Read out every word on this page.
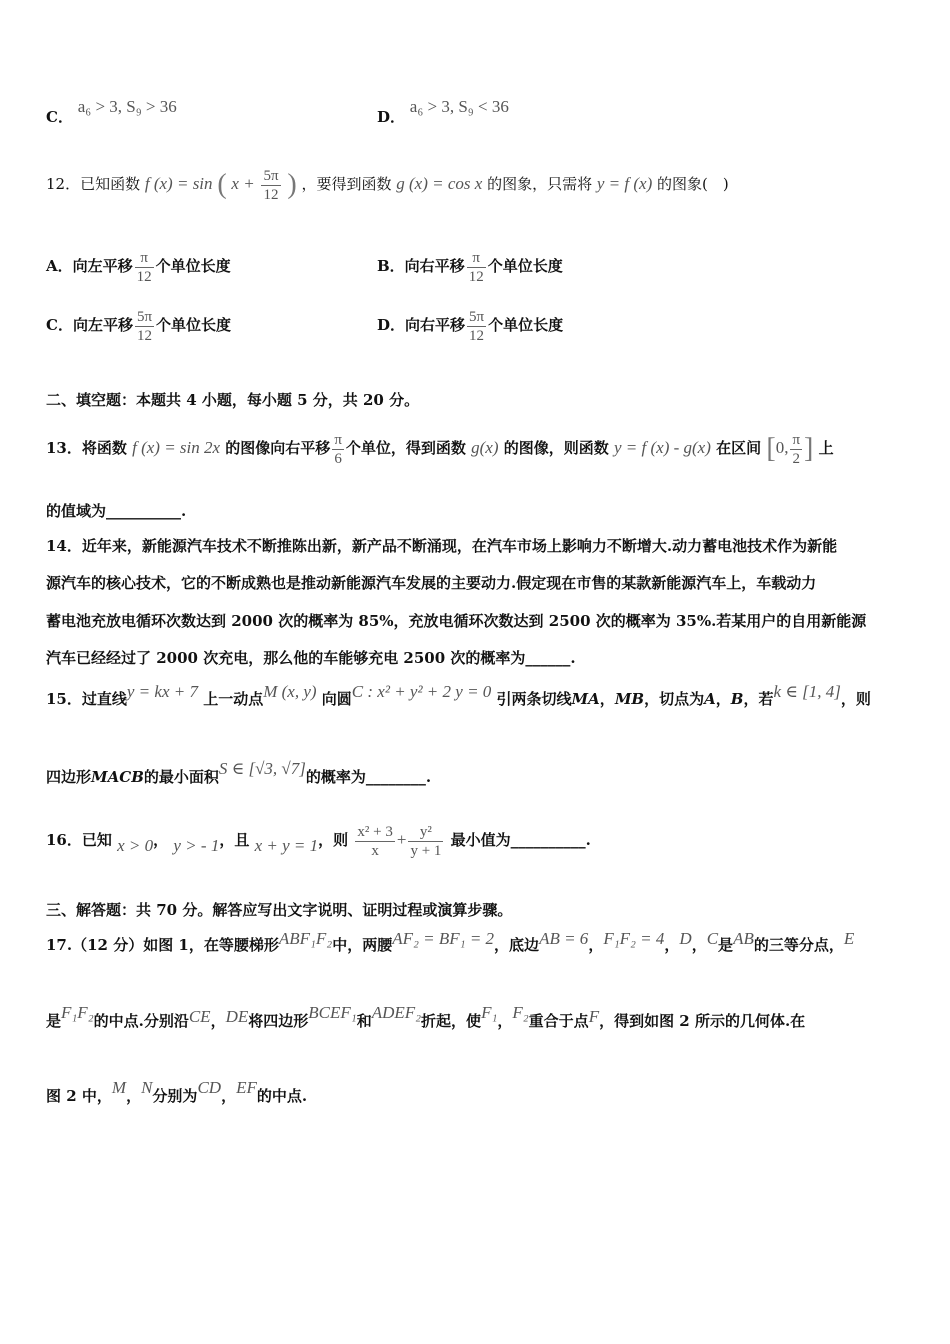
C． a₆ > 3, S₉ > 36
D． a₆ > 3, S₉ < 36
12．已知函数 f (x) = sin ( $x + \frac{5\pi}{12}$ ) ，要得到函数 g (x) = cos x 的图象，只需将 y = f (x) 的图象(　)
A．向左平移 $\frac{\pi}{12}$ 个单位长度	B．向右平移 $\frac{\pi}{12}$ 个单位长度
C．向左平移 $\frac{5\pi}{12}$ 个单位长度	D．向右平移 $\frac{5\pi}{12}$ 个单位长度
二、填空题：本题共 4 小题，每小题 5 分，共 20 分。
13．将函数 f (x) = sin 2x 的图像向右平移 $\frac{\pi}{6}$ 个单位，得到函数 g(x) 的图像，则函数 y = f (x) - g(x) 在区间 [0, $\frac{\pi}{2}$ ] 上
的值域为__________.
14．近年来，新能源汽车技术不断推陈出新，新产品不断涌现，在汽车市场上影响力不断增大.动力蓄电池技术作为新能
源汽车的核心技术，它的不断成熟也是推动新能源汽车发展的主要动力.假定现在市售的某款新能源汽车上，车载动力
蓄电池充放电循环次数达到 2000 次的概率为 85%，充放电循环次数达到 2500 次的概率为 35%.若某用户的自用新能源
汽车已经经过了 2000 次充电，那么他的车能够充电 2500 次的概率为______.
15．过直线y = kx + 7 上一动点M (x, y) 向圆C : x² + y² + 2 y = 0 引两条切线MA，MB，切点为A，B，若k ∈ [1, 4]，则
四边形MACB的最小面积S ∈ [√3, √7]的概率为________.
16．已知 x > 0， y > - 1，且 x + y = 1，则 $\frac{\text{x² + 3}}{x} + \frac{\text{y²}}{y + 1}$ 最小值为__________.
三、解答题：共 70 分。解答应写出文字说明、证明过程或演算步骤。
17.（12 分）如图 1，在等腰梯形ABF₁F₂中，两腰AF₂ = BF₁ = 2，底边AB = 6，F₁F₂ = 4，D，C是AB的三等分点，E
是F₁F₂的中点.分别沿CE，DE将四边形BCEF₁和ADEF₂折起，使F₁，F₂重合于点F，得到如图 2 所示的几何体.在
图 2 中，M，N分别为CD，EF的中点.
